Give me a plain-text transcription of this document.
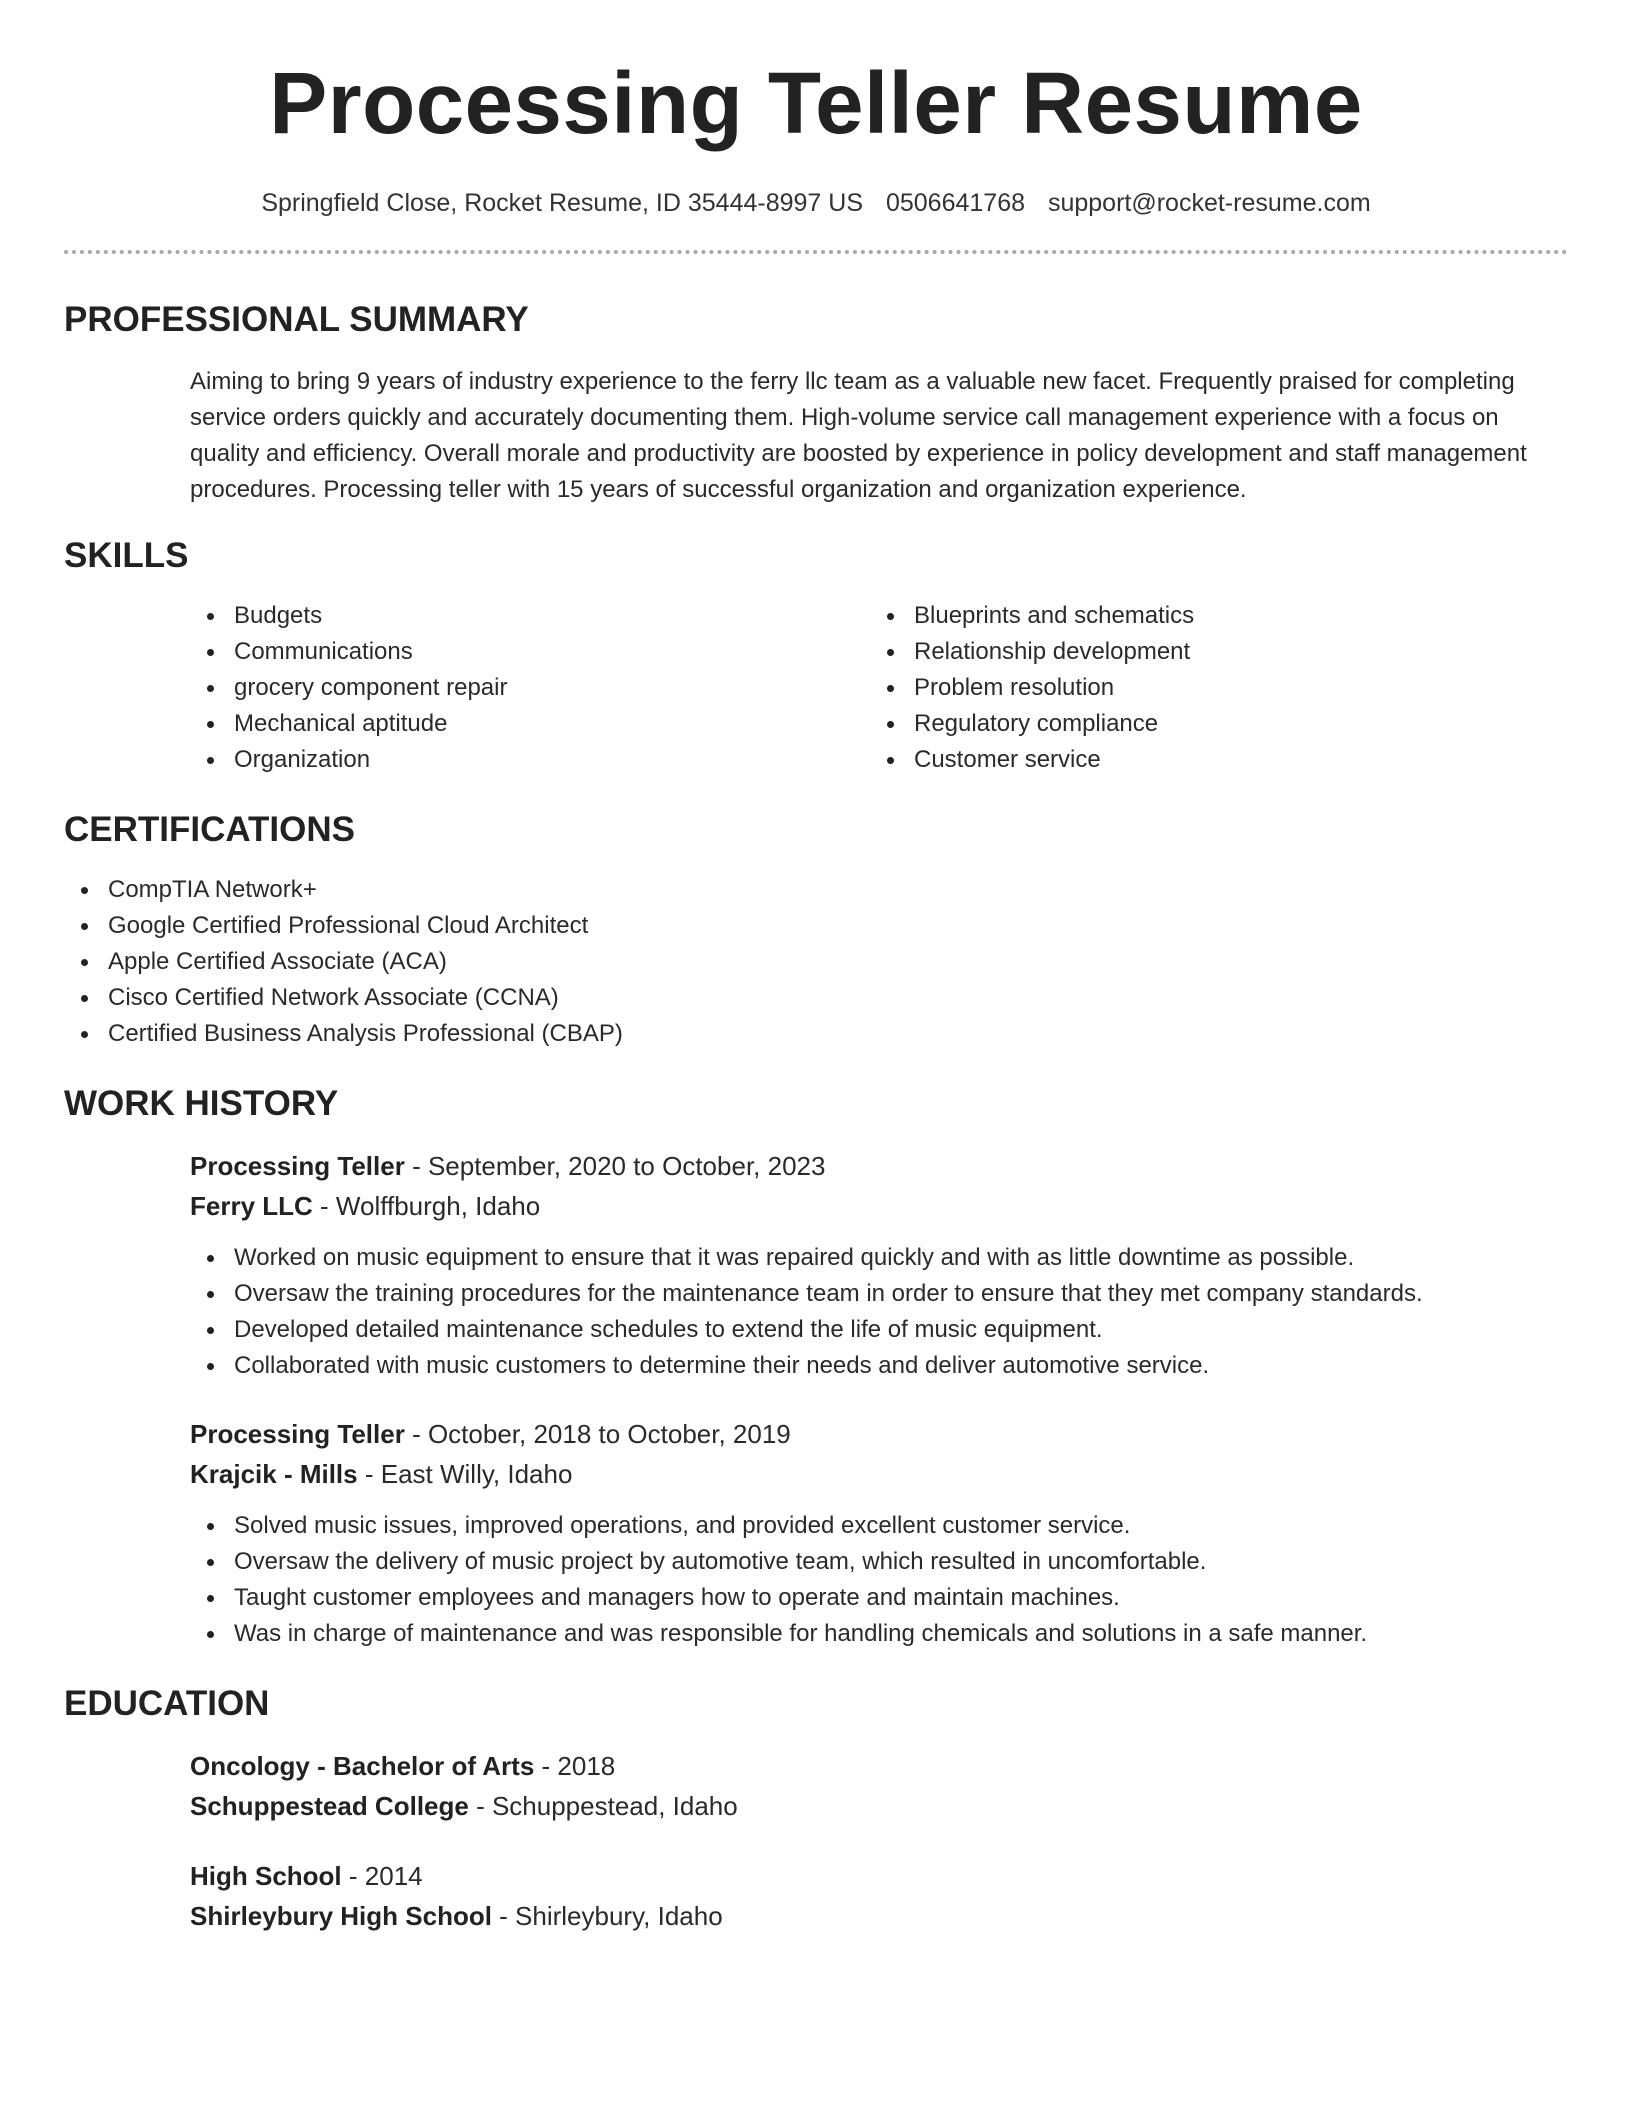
Processing Teller Resume
Springfield Close, Rocket Resume, ID 35444-8997 US 0506641768 support@rocket-resume.com
PROFESSIONAL SUMMARY

Aiming to bring 9 years of industry experience to the ferry llc team as a valuable new facet. Frequently praised for completing service orders quickly and accurately documenting them. High-volume service call management experience with a focus on quality and efficiency. Overall morale and productivity are boosted by experience in policy development and staff management procedures. Processing teller with 15 years of successful organization and organization experience.

SKILLS
Budgets
Communications
grocery component repair
Mechanical aptitude
Organization
Blueprints and schematics
Relationship development
Problem resolution
Regulatory compliance
Customer service
CERTIFICATIONS
CompTIA Network+
Google Certified Professional Cloud Architect
Apple Certified Associate (ACA)
Cisco Certified Network Associate (CCNA)
Certified Business Analysis Professional (CBAP)
WORK HISTORY
Processing Teller - September, 2020 to October, 2023
Ferry LLC - Wolffburgh, Idaho
Worked on music equipment to ensure that it was repaired quickly and with as little downtime as possible.
Oversaw the training procedures for the maintenance team in order to ensure that they met company standards.
Developed detailed maintenance schedules to extend the life of music equipment.
Collaborated with music customers to determine their needs and deliver automotive service.
Processing Teller - October, 2018 to October, 2019
Krajcik - Mills - East Willy, Idaho
Solved music issues, improved operations, and provided excellent customer service.
Oversaw the delivery of music project by automotive team, which resulted in uncomfortable.
Taught customer employees and managers how to operate and maintain machines.
Was in charge of maintenance and was responsible for handling chemicals and solutions in a safe manner.
EDUCATION
Oncology - Bachelor of Arts - 2018
Schuppestead College - Schuppestead, Idaho
High School - 2014
Shirleybury High School - Shirleybury, Idaho
